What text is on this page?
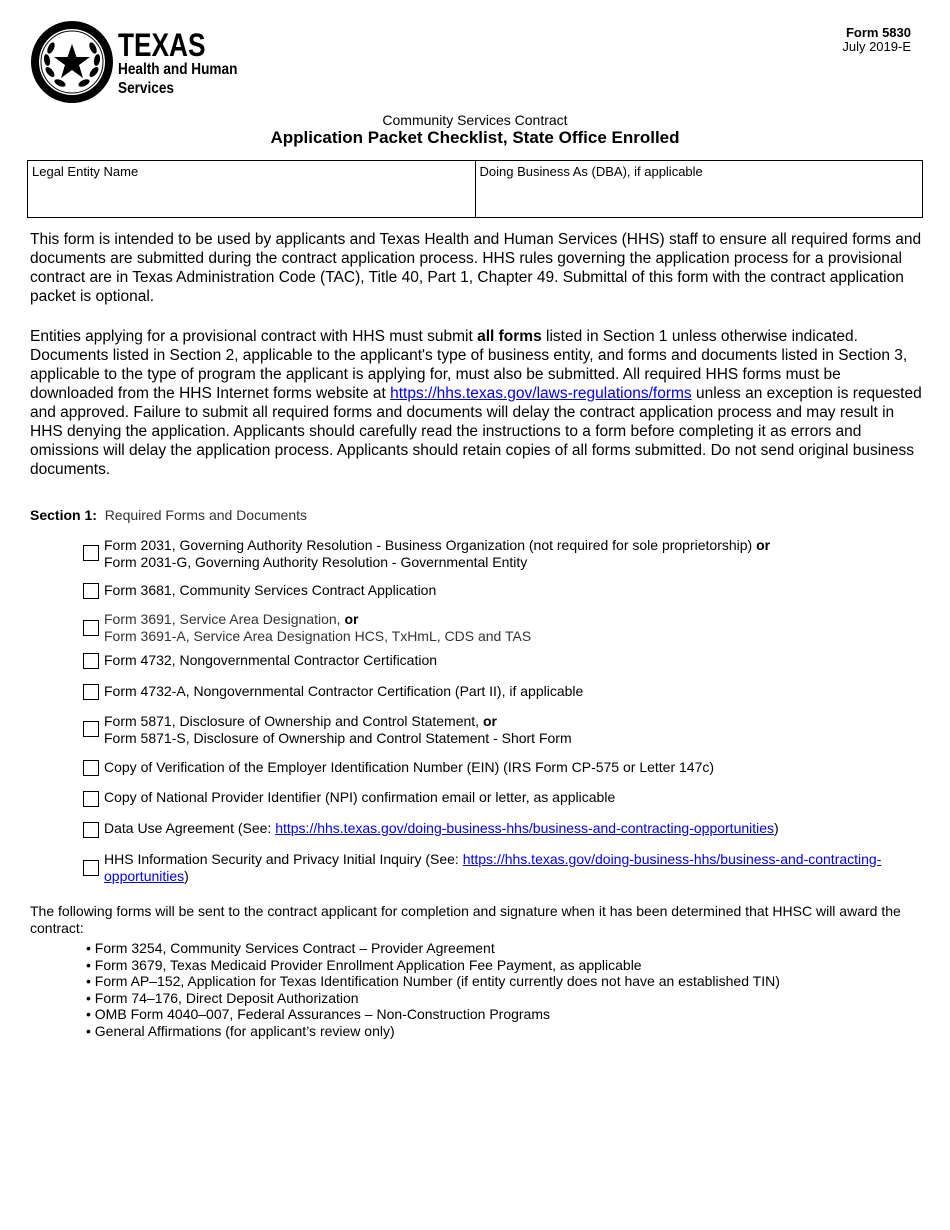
TEXAS
Health and Human
Services
Form 5830
July 2019-E
Community Services Contract
Application Packet Checklist, State Office Enrolled
Legal Entity Name	Doing Business As (DBA), if applicable
This form is intended to be used by applicants and Texas Health and Human Services (HHS) staff to ensure all required forms and documents are submitted during the contract application process. HHS rules governing the application process for a provisional contract are in Texas Administration Code (TAC), Title 40, Part 1, Chapter 49. Submittal of this form with the contract application packet is optional.
Entities applying for a provisional contract with HHS must submit all forms listed in Section 1 unless otherwise indicated. Documents listed in Section 2, applicable to the applicant's type of business entity, and forms and documents listed in Section 3, applicable to the type of program the applicant is applying for, must also be submitted. All required HHS forms must be downloaded from the HHS Internet forms website at https://hhs.texas.gov/laws-regulations/forms unless an exception is requested and approved. Failure to submit all required forms and documents will delay the contract application process and may result in HHS denying the application. Applicants should carefully read the instructions to a form before completing it as errors and omissions will delay the application process. Applicants should retain copies of all forms submitted. Do not send original business documents.
Section 1: Required Forms and Documents
Form 2031, Governing Authority Resolution - Business Organization (not required for sole proprietorship) or
Form 2031-G, Governing Authority Resolution - Governmental Entity
Form 3681, Community Services Contract Application
Form 3691, Service Area Designation, or
Form 3691-A, Service Area Designation HCS, TxHmL, CDS and TAS
Form 4732, Nongovernmental Contractor Certification
Form 4732-A, Nongovernmental Contractor Certification (Part II), if applicable
Form 5871, Disclosure of Ownership and Control Statement, or
Form 5871-S, Disclosure of Ownership and Control Statement - Short Form
Copy of Verification of the Employer Identification Number (EIN) (IRS Form CP-575 or Letter 147c)
Copy of National Provider Identifier (NPI) confirmation email or letter, as applicable
Data Use Agreement (See: https://hhs.texas.gov/doing-business-hhs/business-and-contracting-opportunities)
HHS Information Security and Privacy Initial Inquiry (See: https://hhs.texas.gov/doing-business-hhs/business-and-contracting-opportunities)
The following forms will be sent to the contract applicant for completion and signature when it has been determined that HHSC will award the contract:
• Form 3254, Community Services Contract – Provider Agreement
• Form 3679, Texas Medicaid Provider Enrollment Application Fee Payment, as applicable
• Form AP–152, Application for Texas Identification Number (if entity currently does not have an established TIN)
• Form 74–176, Direct Deposit Authorization
• OMB Form 4040–007, Federal Assurances – Non-Construction Programs
• General Affirmations (for applicant’s review only)
